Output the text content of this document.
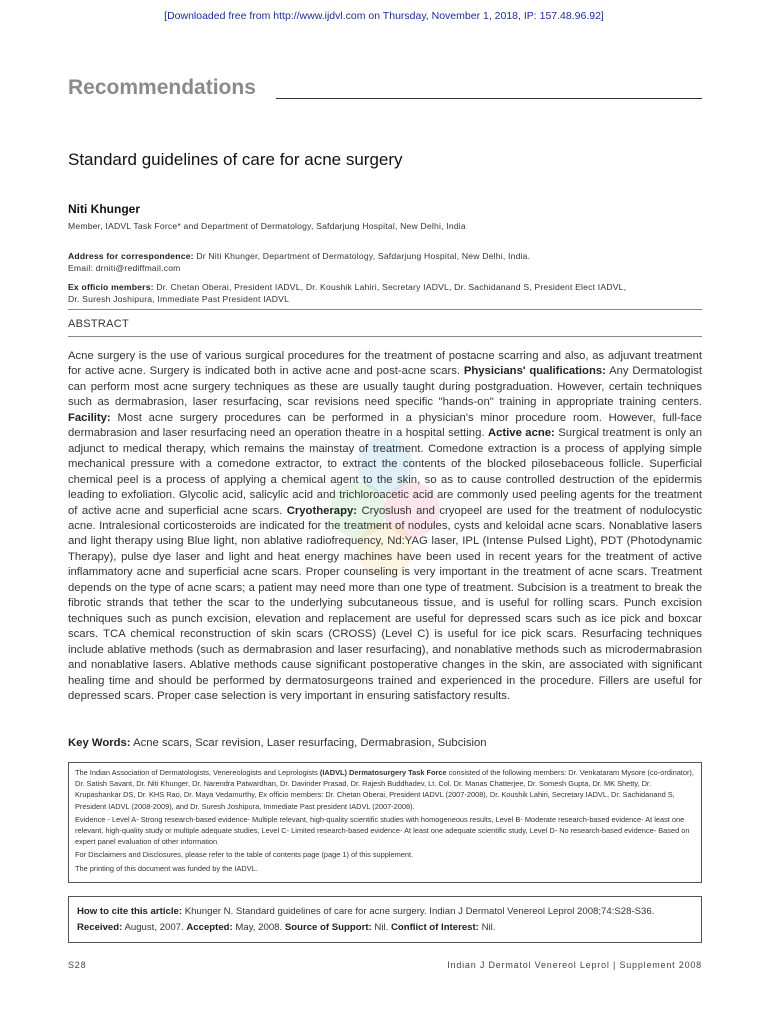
[Downloaded free from http://www.ijdvl.com on Thursday, November 1, 2018, IP: 157.48.96.92]
Recommendations
Standard guidelines of care for acne surgery
Niti Khunger
Member, IADVL Task Force* and Department of Dermatology, Safdarjung Hospital, New Delhi, India
Address for correspondence: Dr Niti Khunger, Department of Dermatology, Safdarjung Hospital, New Delhi, India.
Email: drniti@rediffmail.com
Ex ofﬁcio members: Dr. Chetan Oberai, President IADVL, Dr. Koushik Lahiri, Secretary IADVL, Dr. Sachidanand S, President Elect IADVL,
Dr. Suresh Joshipura, Immediate Past President IADVL
ABSTRACT
Acne surgery is the use of various surgical procedures for the treatment of postacne scarring and also, as adjuvant treatment for active acne. Surgery is indicated both in active acne and post-acne scars. Physicians' qualifications: Any Dermatologist can perform most acne surgery techniques as these are usually taught during postgraduation. However, certain techniques such as dermabrasion, laser resurfacing, scar revisions need specific "hands-on" training in appropriate training centers. Facility: Most acne surgery procedures can be performed in a physician's minor procedure room. However, full-face dermabrasion and laser resurfacing need an operation theatre in a hospital setting. Active acne: Surgical treatment is only an adjunct to medical therapy, which remains the mainstay of treatment. Comedone extraction is a process of applying simple mechanical pressure with a comedone extractor, to extract the contents of the blocked pilosebaceous follicle. Superficial chemical peel is a process of applying a chemical agent to the skin, so as to cause controlled destruction of the epidermis leading to exfoliation. Glycolic acid, salicylic acid and trichloroacetic acid are commonly used peeling agents for the treatment of active acne and superficial acne scars. Cryotherapy: Cryoslush and cryopeel are used for the treatment of nodulocystic acne. Intralesional corticosteroids are indicated for the treatment of nodules, cysts and keloidal acne scars. Nonablative lasers and light therapy using Blue light, non ablative radiofrequency, Nd:YAG laser, IPL (Intense Pulsed Light), PDT (Photodynamic Therapy), pulse dye laser and light and heat energy machines have been used in recent years for the treatment of active inflammatory acne and superficial acne scars. Proper counseling is very important in the treatment of acne scars. Treatment depends on the type of acne scars; a patient may need more than one type of treatment. Subcision is a treatment to break the fibrotic strands that tether the scar to the underlying subcutaneous tissue, and is useful for rolling scars. Punch excision techniques such as punch excision, elevation and replacement are useful for depressed scars such as ice pick and boxcar scars. TCA chemical reconstruction of skin scars (CROSS) (Level C) is useful for ice pick scars. Resurfacing techniques include ablative methods (such as dermabrasion and laser resurfacing), and nonablative methods such as microdermabrasion and nonablative lasers. Ablative methods cause significant postoperative changes in the skin, are associated with significant healing time and should be performed by dermatosurgeons trained and experienced in the procedure. Fillers are useful for depressed scars. Proper case selection is very important in ensuring satisfactory results.
Key Words: Acne scars, Scar revision, Laser resurfacing, Dermabrasion, Subcision

The Indian Association of Dermatologists, Venereologists and Leprologists (IADVL) Dermatosurgery Task Force consisted of the following members: Dr. Venkataram Mysore (co-ordinator), Dr. Satish Savant, Dr. Niti Khunger, Dr. Narendra Patwardhan, Dr. Davinder Prasad, Dr. Rajesh Buddhadev, Lt. Col. Dr. Manas Chatterjee, Dr. Somesh Gupta, Dr. MK Shetty, Dr. Krupashankar DS, Dr. KHS Rao, Dr. Maya Vedamurthy, Ex ofﬁcio members: Dr. Chetan Oberai, President IADVL (2007-2008), Dr. Koushik Lahiri, Secretary IADVL, Dr. Sachidanand S, President IADVL (2008-2009), and Dr. Suresh Joshipura, Immediate Past president IADVL (2007-2008).

Evidence - Level A- Strong research-based evidence- Multiple relevant, high-quality scientiﬁc studies with homogeneous results, Level B- Moderate research-based evidence- At least one relevant, high-quality study or multiple adequate studies, Level C- Limited research-based evidence- At least one adequate scientiﬁc study, Level D- No research-based evidence- Based on expert panel evaluation of other information

For Disclaimers and Disclosures, please refer to the table of contents page (page 1) of this supplement.

The printing of this document was funded by the IADVL.

How to cite this article: Khunger N. Standard guidelines of care for acne surgery. Indian J Dermatol Venereol Leprol 2008;74:S28-S36.
Received: August, 2007. Accepted: May, 2008. Source of Support: Nil. Conflict of Interest: Nil.
S28	Indian J Dermatol Venereol Leprol | Supplement 2008
